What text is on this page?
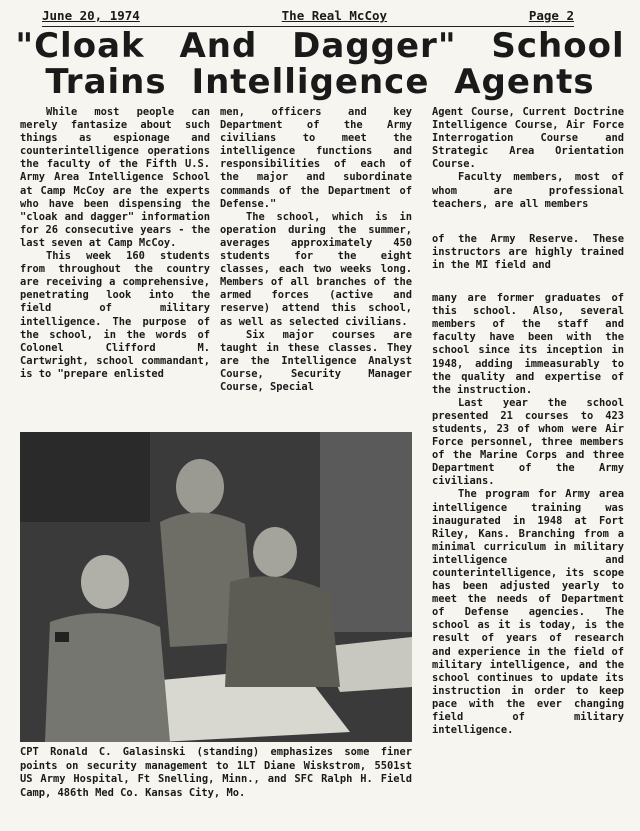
June 20, 1974	The Real McCoy	Page 2
"Cloak And Dagger" School
Trains Intelligence Agents

While most people can merely fantasize about such things as espionage and counterintelligence operations the faculty of the Fifth U.S. Army Area Intelligence School at Camp McCoy are the experts who have been dispensing the "cloak and dagger" information for 26 consecutive years - the last seven at Camp McCoy.

This week 160 students from throughout the country are receiving a comprehensive, penetrating look into the field of military intelligence. The purpose of the school, in the words of Colonel Clifford M. Cartwright, school commandant, is to "prepare enlisted

men, officers and key Department of the Army civilians to meet the intelligence functions and responsibilities of each of the major and subordinate commands of the Department of Defense."

The school, which is in operation during the summer, averages approximately 450 students for the eight classes, each two weeks long. Members of all branches of the armed forces (active and reserve) attend this school, as well as selected civilians.

Six major courses are taught in these classes. They are the Intelligence Analyst Course, Security Manager Course, Special

Agent Course, Current Doctrine Intelligence Course, Air Force Interrogation Course and Strategic Area Orientation Course.

Faculty members, most of whom are professional teachers, are all members

of the Army Reserve. These instructors are highly trained in the MI field and

many are former graduates of this school. Also, several members of the staff and faculty have been with the school since its inception in 1948, adding immeasurably to the quality and expertise of the instruction.

Last year the school presented 21 courses to 423 students, 23 of whom were Air Force personnel, three members of the Marine Corps and three Department of the Army civilians.

The program for Army area intelligence training was inaugurated in 1948 at Fort Riley, Kans. Branching from a minimal curriculum in military intelligence and counterintelligence, its scope has been adjusted yearly to meet the needs of Department of Defense agencies. The school as it is today, is the result of years of research and experience in the field of military intelligence, and the school continues to update its instruction in order to keep pace with the ever changing field of military intelligence.

CPT Ronald C. Galasinski (standing) emphasizes some finer points on security management to 1LT Diane Wiskstrom, 5501st US Army Hospital, Ft Snelling, Minn., and SFC Ralph H. Field Camp, 486th Med Co. Kansas City, Mo.
